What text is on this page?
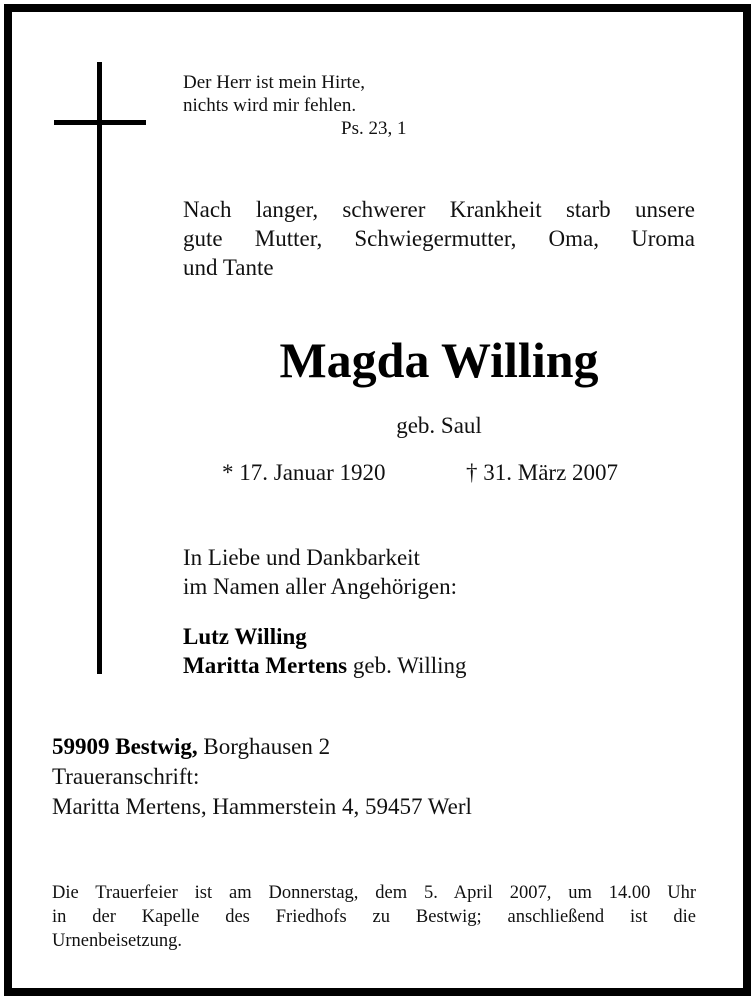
Der Herr ist mein Hirte,
nichts wird mir fehlen.
Ps. 23, 1
Nach langer, schwerer Krankheit starb unsere
gute Mutter, Schwiegermutter, Oma, Uroma
und Tante
Magda Willing
geb. Saul
* 17. Januar 1920	† 31. März 2007
In Liebe und Dankbarkeit
im Namen aller Angehörigen:
Lutz Willing
Maritta Mertens geb. Willing
59909 Bestwig, Borghausen 2
Traueranschrift:
Maritta Mertens, Hammerstein 4, 59457 Werl
Die Trauerfeier ist am Donnerstag, dem 5. April 2007, um 14.00 Uhr
in der Kapelle des Friedhofs zu Bestwig; anschließend ist die
Urnenbeisetzung.
